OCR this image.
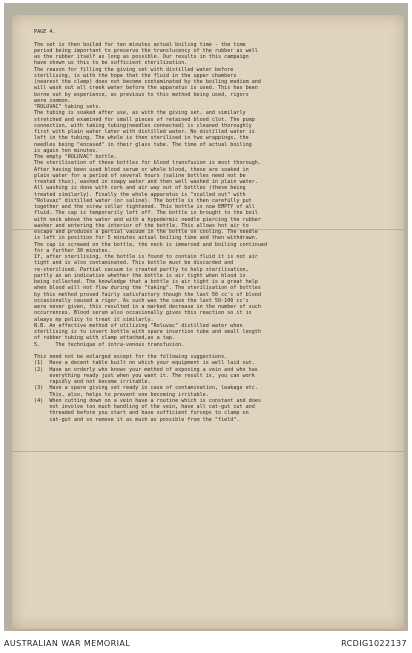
PAGE 4.
The set is then boiled for ten minutes actual boiling time - the time
period being important to preserve the translucency of the rubber as well
as the rubber itself as long as possible. Our results in this campaign
have shown us this to be sufficient sterilization.
The reason for filling the giving set with distilled water before
sterilising, is with the hope that the fluid in the upper chambers
(nearest the clamp) does not become contaminated by the boiling medium and
will wash out all creek water before the apparatus is used. This has been
borne out by experience, as previous to this method being used, rigors
were common.
"ROLUVAC" taking sets.
The tubing is soaked after use, as with the giving set, and similarly
stretched and examined for small pieces of retained blood clot. The pump
connection, with taking tubing(needles connected) is cleaned thoroughly
first with plain water later with distilled water. No distilled water is
left in the tubing. The whole is then sterilised in two wrappings, the
needles being "encased" in their glass tube. The time of actual boiling
is again ten minutes.
The empty "ROLUVAC" bottle.
The sterilisation of these bottles for blood transfusion is most thorough.
After having been used blood serum or whole blood, these are soaked in
plain water for a period of several hours (saline bottles need not be
treated thus), washed in soapy water and then well washed in plain water.
All washing is done with cork and air way out of bottles (these being
treated similarly). Finally the whole apparatus is "scalled out" with
"Roluvac" distilled water (or saline). The bottle is then carefully put
together and the screw collar tightened. This bottle is now EMPTY of all
fluid. The cap is temporarily left off. The bottle is brought to the boil
with neck above the water and with a hypodermic needle piercing the rubber
washer and entering the interior of the bottle. This allows hot air to
escape and produces a partial vacuum in the bottle on cooling. The needle
is left in position for 5 minutes actual boiling time and then withdrawn.
The cap is screwed on the bottle, the neck is immersed and boiling continued
for a further 30 minutes.
If, after sterilising, the bottle is found to contain fluid it is not air
tight and is also contaminated. This bottle must be discarded and
re-sterilised. Partial vacuum is created partly to help sterilisation,
partly as an indication whether the bottle is air tight when blood is
being collected. The knowledge that a bottle is air tight is a great help
when blood will not flow during the "taking". The sterilisation of bottles
by this method proved fairly satisfactory though the last 50 cc's of blood
occasionally caused a rigor. As such was the case the last 50-100 cc's
were never given, this resulted in a marked decrease in the number of such
occurrences. Blood serum also occasionally gives this reaction so it is
always my policy to treat it similarly.
N.B. An effective method of utilizing "Roluvac" distilled water when
sterilising is to invert bottle with spare insertion tube and small length
of rubber tubing with clamp attached,as a tap.
5.     The technique of intra-venous transfusion.
This need not be enlarged except for the following suggestions.
(1)  Have a decent table built on which your equipment is well laid out.
(2)  Have an orderly who knows your method of exposing a vein and who has
everything ready just when you want it. The result is, you can work
rapidly and not become irritable.
(3)  Have a spare giving set ready in case of contamination, leakage etc.
This, also, helps to prevent one becoming irritable.
(4)  When cutting down on a vein have a routine which is constant and does
not involve too much handling of the vein, have all cat-gut cut and
threaded before you start and have sufficient forceps to clamp on
cat-gut and so remove it as much as possible from the "field".
AUSTRALIAN WAR MEMORIAL	RCDIG1022137
